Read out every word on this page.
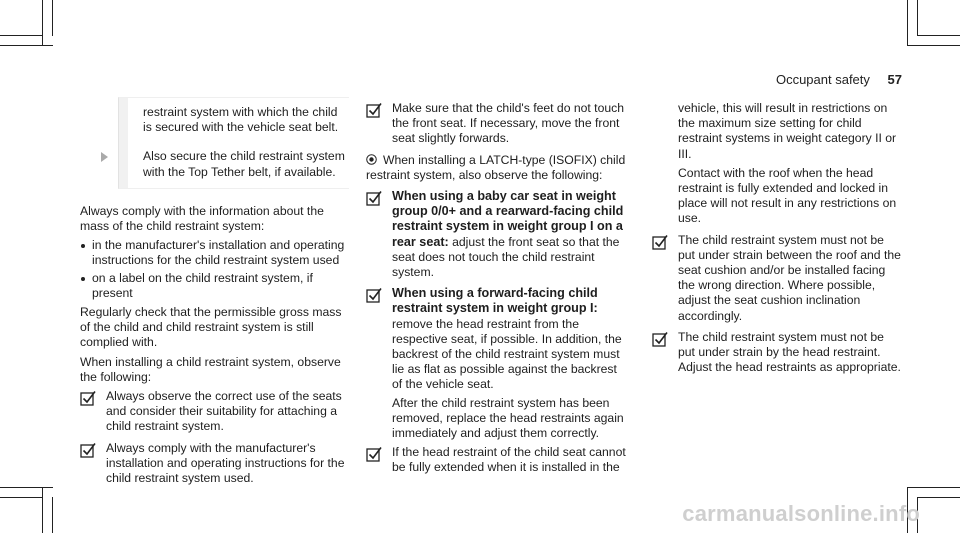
Occupant safety 57
restraint system with which the child is secured with the vehicle seat belt.
Also secure the child restraint system with the Top Tether belt, if available.

Always comply with the information about the mass of the child restraint system:

in the manufacturer's installation and operating instructions for the child restraint system used
on a label on the child restraint system, if present

Regularly check that the permissible gross mass of the child and child restraint system is still complied with.

When installing a child restraint system, observe the following:

Always observe the correct use of the seats and consider their suitability for attaching a child restraint system.
Always comply with the manufacturer's installation and operating instructions for the child restraint system used.
Make sure that the child's feet do not touch the front seat. If necessary, move the front seat slightly forwards.
When installing a LATCH-type (ISOFIX) child restraint system, also observe the following:
When using a baby car seat in weight group 0/0+ and a rearward-facing child restraint system in weight group I on a rear seat: adjust the front seat so that the seat does not touch the child restraint system.
When using a forward-facing child restraint system in weight group I:
remove the head restraint from the respective seat, if possible. In addition, the backrest of the child restraint system must lie as flat as possible against the backrest of the vehicle seat.

After the child restraint system has been removed, replace the head restraints again immediately and adjust them correctly.

If the head restraint of the child seat cannot be fully extended when it is installed in the

vehicle, this will result in restrictions on the maximum size setting for child restraint systems in weight category II or III.

Contact with the roof when the head restraint is fully extended and locked in place will not result in any restrictions on use.

The child restraint system must not be put under strain between the roof and the seat cushion and/or be installed facing the wrong direction. Where possible, adjust the seat cushion inclination accordingly.
The child restraint system must not be put under strain by the head restraint. Adjust the head restraints as appropriate.
carmanualsonline.info
